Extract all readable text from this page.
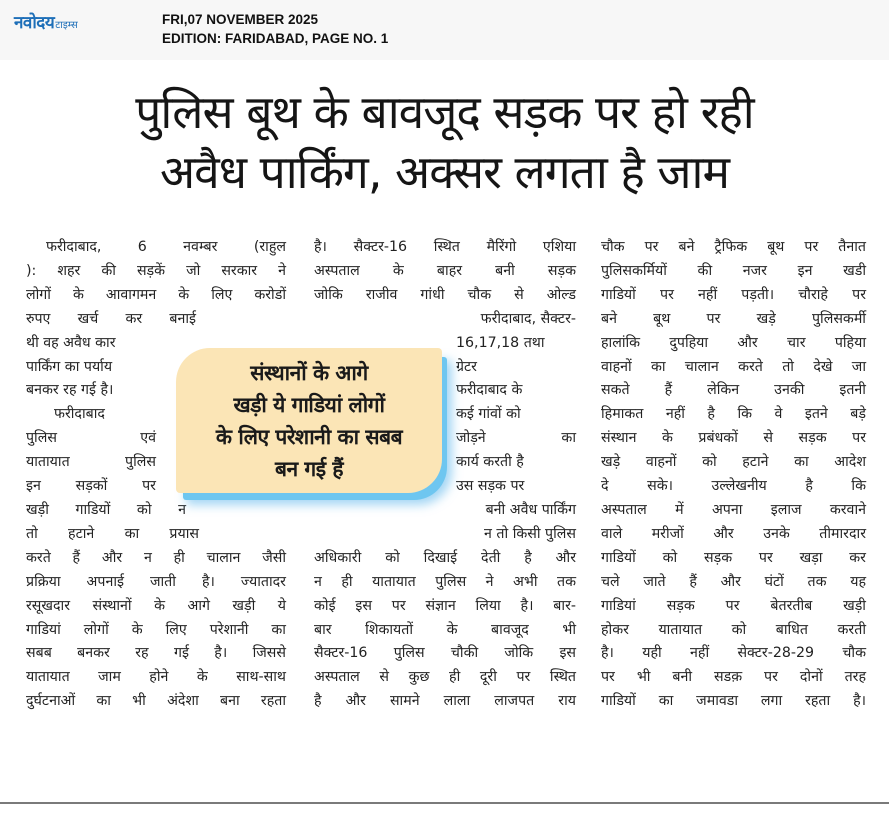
नवोदय टाइम्स	FRI,07 NOVEMBER 2025
EDITION: FARIDABAD, PAGE NO. 1
पुलिस बूथ के बावजूद सड़क पर हो रही
अवैध पार्किंग, अक्सर लगता है जाम
फरीदाबाद, 6 नवम्बर (राहुल
): शहर की सड़कें जो सरकार ने
लोगों के आवागमन के लिए करोडों
रुपए खर्च कर बनाई
थी वह अवैध कार
पार्किंग का पर्याय
बनकर रह गई है।
फरीदाबाद
पुलिस एवं
यातायात पुलिस
इन सड़कों पर
खड़ी गाडियों को न
तो हटाने का प्रयास
करते हैं और न ही चालान जैसी
प्रक्रिया अपनाई जाती है। ज्यातादर
रसूखदार संस्थानों के आगे खड़ी ये
गाडियां लोगों के लिए परेशानी का
सबब बनकर रह गई है। जिससे
यातायात जाम होने के साथ-साथ
दुर्घटनाओं का भी अंदेशा बना रहता
है। सैक्टर-16 स्थित मैरिंगो एशिया
अस्पताल के बाहर बनी सड़क
जोकि राजीव गांधी चौक से ओल्ड
फरीदाबाद, सैक्टर-
16,17,18 तथा
ग्रेटर
फरीदाबाद के
कई गांवों को
जोड़ने का
कार्य करती है
उस सड़क पर
बनी अवैध पार्किंग
न तो किसी पुलिस
अधिकारी को दिखाई देती है और
न ही यातायात पुलिस ने अभी तक
कोई इस पर संज्ञान लिया है। बार-
बार शिकायतों के बावजूद भी
सैक्टर-16 पुलिस चौकी जोकि इस
अस्पताल से कुछ ही दूरी पर स्थित
है और सामने लाला लाजपत राय
चौक पर बने ट्रैफिक बूथ पर तैनात
पुलिसकर्मियों की नजर इन खडी
गाडियों पर नहीं पड़ती। चौराहे पर
बने बूथ पर खड़े पुलिसकर्मी
हालांकि दुपहिया और चार पहिया
वाहनों का चालान करते तो देखे जा
सकते हैं लेकिन उनकी इतनी
हिमाकत नहीं है कि वे इतने बड़े
संस्थान के प्रबंधकों से सड़क पर
खड़े वाहनों को हटाने का आदेश
दे सके। उल्लेखनीय है कि
अस्पताल में अपना इलाज करवाने
वाले मरीजों और उनके तीमारदार
गाडियों को सड़क पर खड़ा कर
चले जाते हैं और घंटों तक यह
गाडियां सड़क पर बेतरतीब खड़ी
होकर यातायात को बाधित करती
है। यही नहीं सेक्टर-28-29 चौक
पर भी बनी सडक़ पर दोनों तरह
गाडियों का जमावडा लगा रहता है।
संस्थानों के आगे
खड़ी ये गाडियां लोगों
के लिए परेशानी का सबब
बन गई हैं
